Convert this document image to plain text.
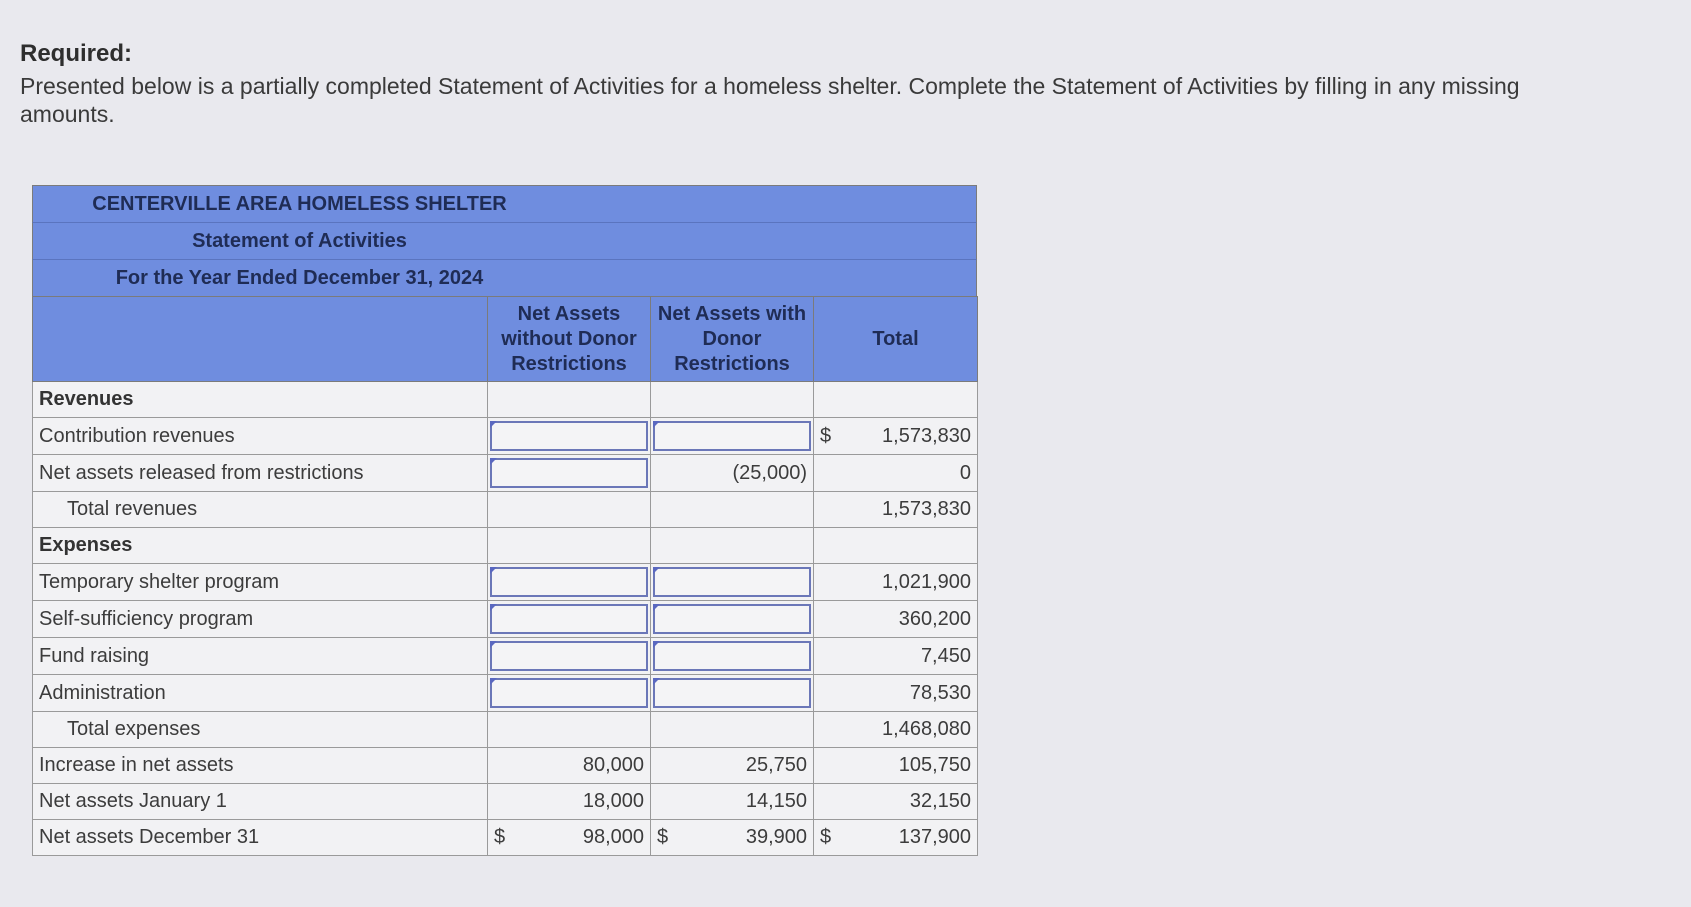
Required:
Presented below is a partially completed Statement of Activities for a homeless shelter. Complete the Statement of Activities by filling in any missing amounts.
CENTERVILLE AREA HOMELESS SHELTER
Statement of Activities
For the Year Ended December 31, 2024
	Net Assets without Donor Restrictions	Net Assets with Donor Restrictions	Total
Revenues			
Contribution revenues			$ 1,573,830

Net assets released from restrictions		(25,000)	0
Total revenues			1,573,830
Expenses			
Temporary shelter program			1,021,900
Self-sufficiency program			360,200
Fund raising			7,450
Administration			78,530
Total expenses			1,468,080
Increase in net assets	80,000	25,750	105,750
Net assets January 1	18,000	14,150	32,150
Net assets December 31	$ 98,000	$ 39,900	$ 137,900
